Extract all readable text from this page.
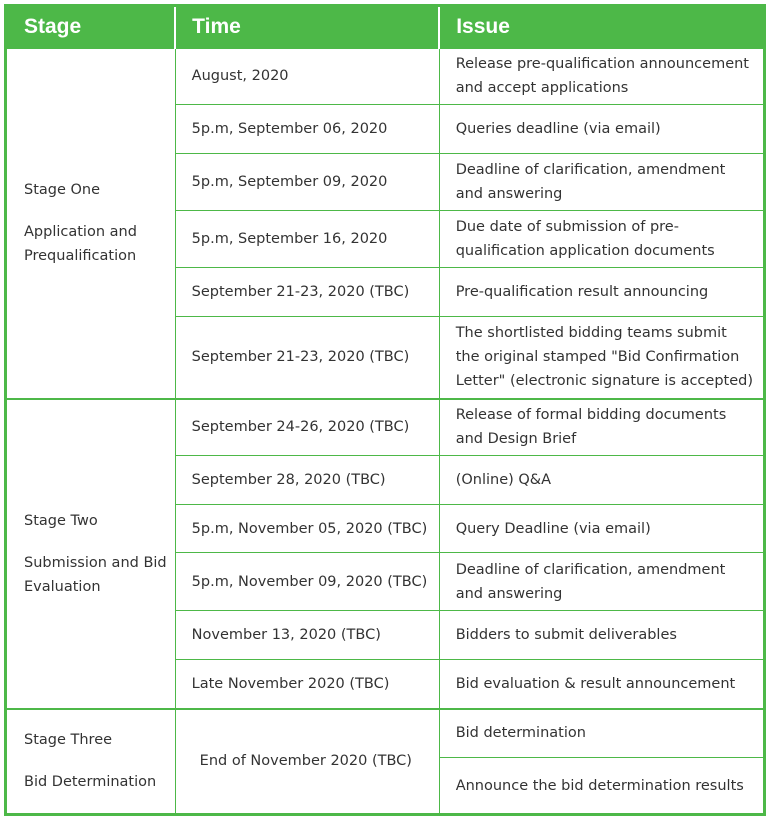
Stage	Time	Issue

Stage One
Application and Prequalification	August, 2020	Release pre-qualification announcement and accept applications
	5p.m, September 06, 2020	Queries deadline (via email)
	5p.m, September 09, 2020	Deadline of clarification, amendment and answering
	5p.m, September 16, 2020	Due date of submission of pre-qualification application documents
	September 21-23, 2020 (TBC)	Pre-qualification result announcing
	September 21-23, 2020 (TBC)	The shortlisted bidding teams submit the original stamped "Bid Confirmation Letter" (electronic signature is accepted)

Stage Two
Submission and Bid Evaluation	September 24-26, 2020 (TBC)	Release of formal bidding documents and Design Brief
	September 28, 2020 (TBC)	(Online) Q&A
	5p.m, November 05, 2020 (TBC)	Query Deadline (via email)
	5p.m, November 09, 2020 (TBC)	Deadline of clarification, amendment and answering
	November 13, 2020 (TBC)	Bidders to submit deliverables
	Late November 2020 (TBC)	Bid evaluation & result announcement

Stage Three
Bid Determination	End of November 2020 (TBC)	Bid determination
		Announce the bid determination results
